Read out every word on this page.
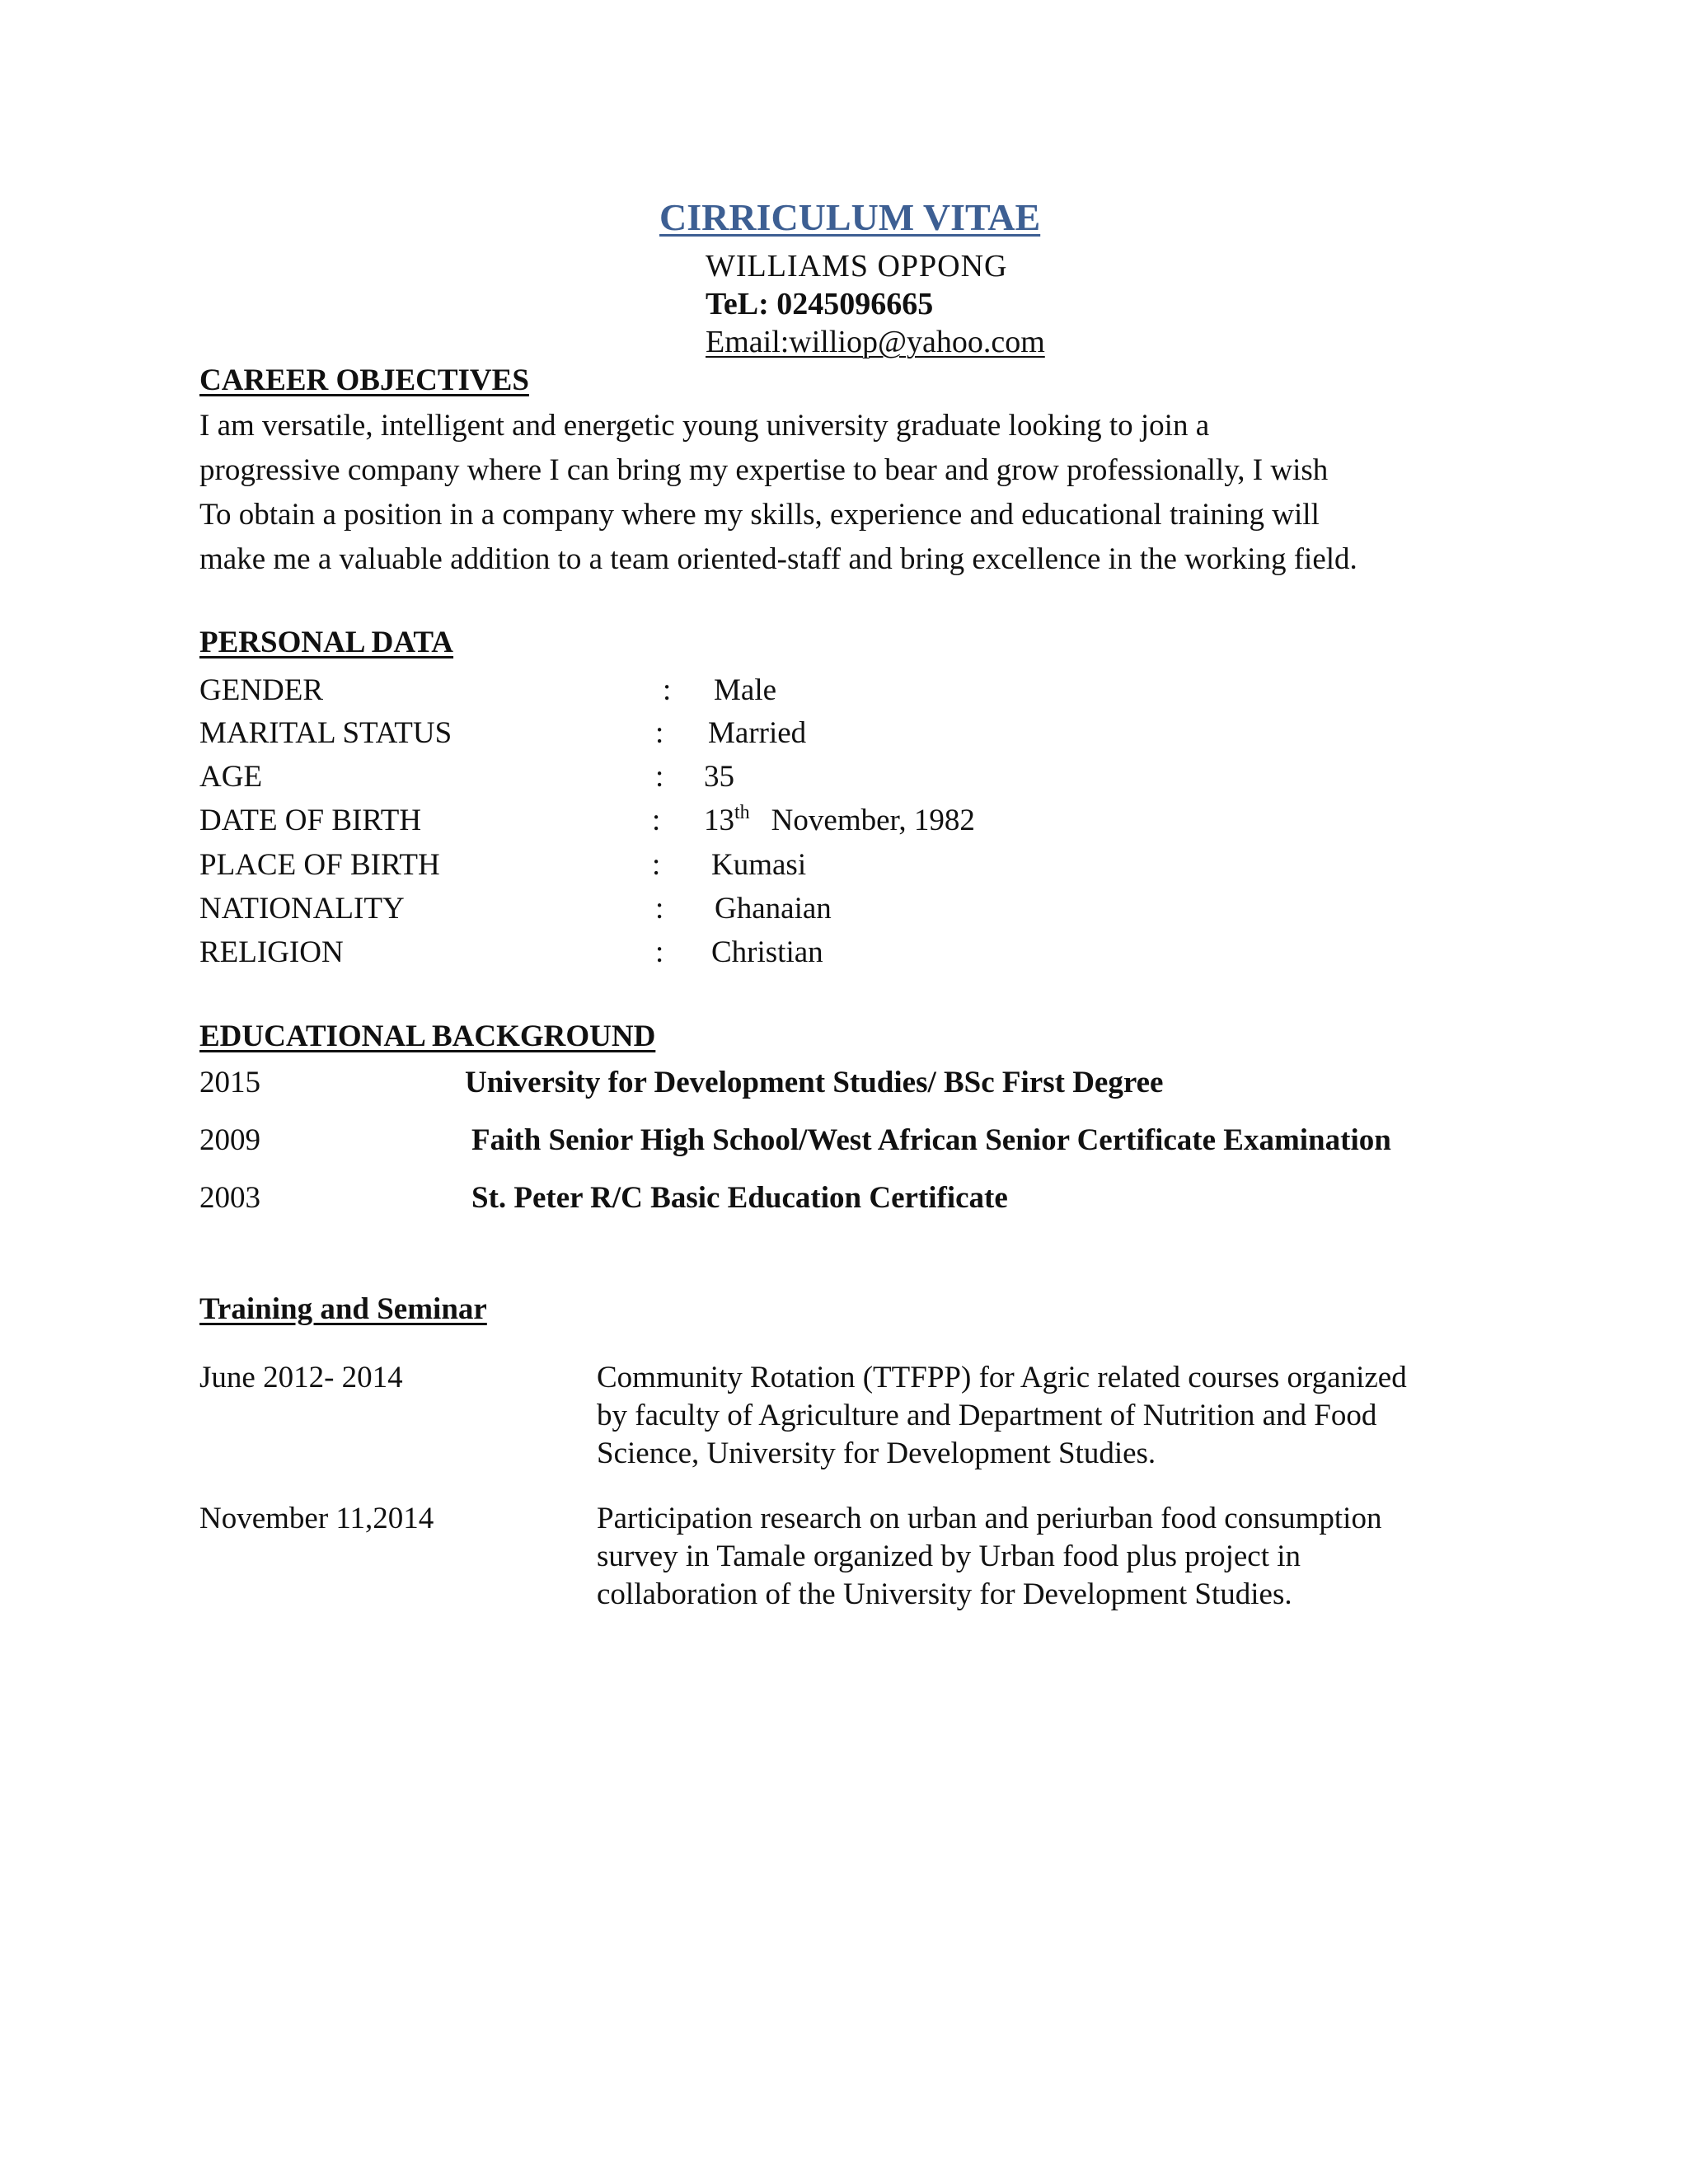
CIRRICULUM VITAE
WILLIAMS OPPONG
TeL: 0245096665
Email:williop@yahoo.com
CAREER OBJECTIVES
I am versatile, intelligent and energetic young university graduate looking to join a
progressive company where I can bring my expertise to bear and grow professionally, I wish
To obtain a position in a company where my skills, experience and educational training will
make me a valuable addition to a team oriented-staff and bring excellence in the working field.
PERSONAL DATA
GENDER	: Male
MARITAL STATUS	: Married
AGE	: 35
DATE OF BIRTH	: 13th November, 1982
PLACE OF BIRTH	: Kumasi
NATIONALITY	: Ghanaian
RELIGION	: Christian
EDUCATIONAL BACKGROUND
2015	University for Development Studies/ BSc First Degree
2009	Faith Senior High School/West African Senior Certificate Examination
2003	St. Peter R/C Basic Education Certificate
Training and Seminar
June 2012- 2014	Community Rotation (TTFPP) for Agric related courses organized
by faculty of Agriculture and Department of Nutrition and Food
Science, University for Development Studies.
November 11,2014	Participation research on urban and periurban food consumption
survey in Tamale organized by Urban food plus project in
collaboration of the University for Development Studies.
